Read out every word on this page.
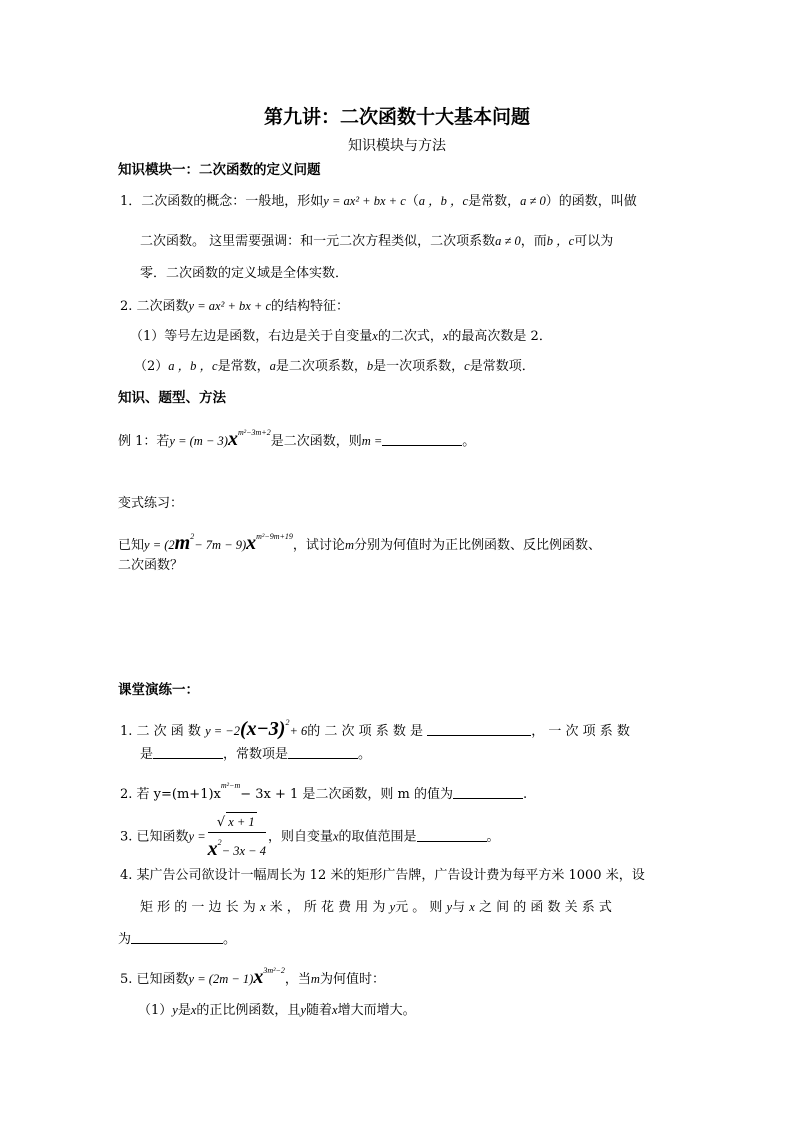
第九讲：二次函数十大基本问题
知识模块与方法
知识模块一：二次函数的定义问题
1．二次函数的概念：一般地，形如y = ax² + bx + c（a ，b ，c是常数，a ≠ 0）的函数，叫做
二次函数。 这里需要强调：和一元二次方程类似，二次项系数a ≠ 0，而b ，c可以为
零．二次函数的定义域是全体实数．
2. 二次函数y = ax² + bx + c的结构特征：
（1）等号左边是函数，右边是关于自变量x的二次式，x的最高次数是 2．
（2）a ，b ，c是常数，a是二次项系数，b是一次项系数，c是常数项．
知识、题型、方法
例 1：若$y = (m - 3)x^{m^2-3m+2}$是二次函数，则m =	。
变式练习：
已知$y = (2m^2- 7m - 9)x^{m^2-9m+19}$，试讨论m分别为何值时为正比例函数、反比例函数、
二次函数？
课堂演练一：
1. 二 次 函 数 $y = -2(x-3)^2+ 6$的 二 次 项 系 数 是	， 一 次 项 系 数
是	，常数项是	。
2. 若 $y=(m+1)x^{m^2-m}- 3x + 1$ 是二次函数，则 m 的值为	.
3. 已知函数$y = \frac{√ x + 1}{x^2- 3x - 4}$ ，则自变量x的取值范围是	。
4. 某广告公司欲设计一幅周长为 12 米的矩形广告牌，广告设计费为每平方米 1000 米，设
矩 形 的 一 边 长 为 x 米 ， 所 花 费 用 为 y元 。 则 y与 x 之 间 的 函 数 关 系 式
为	。
5. 已知函数$y = (2m - 1)x^{3m^2-2}$，当m为何值时：
（1）y是x的正比例函数，且y随着x增大而增大。
